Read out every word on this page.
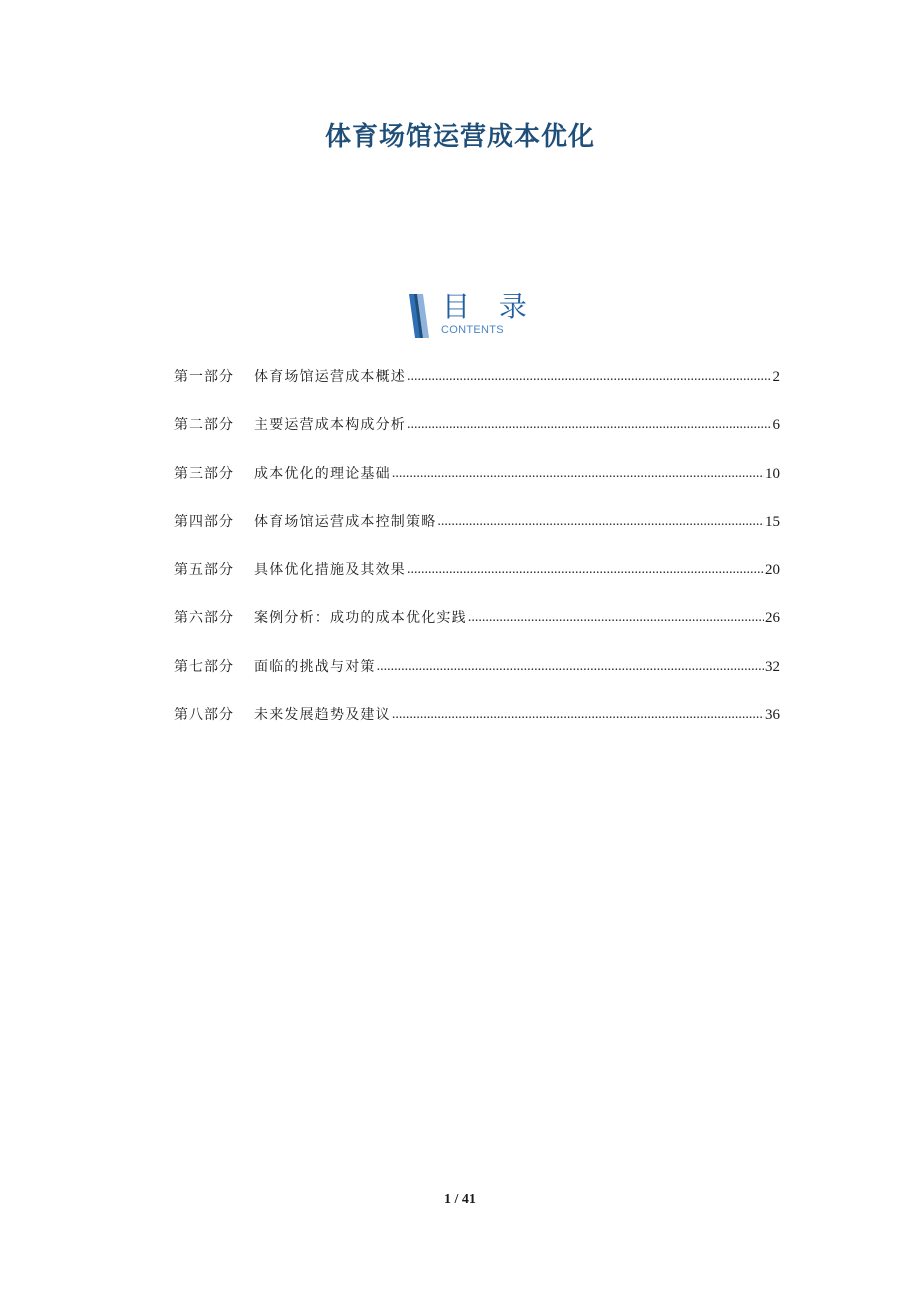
体育场馆运营成本优化
目 录
CONTENTS
第一部分	体育场馆运营成本概述 .....	2
第二部分	主要运营成本构成分析 .....	6
第三部分	成本优化的理论基础 .....	10
第四部分	体育场馆运营成本控制策略 .....	15
第五部分	具体优化措施及其效果 .....	20
第六部分	案例分析：成功的成本优化实践 .....	26
第七部分	面临的挑战与对策 .....	32
第八部分	未来发展趋势及建议 .....	36
1 / 41
